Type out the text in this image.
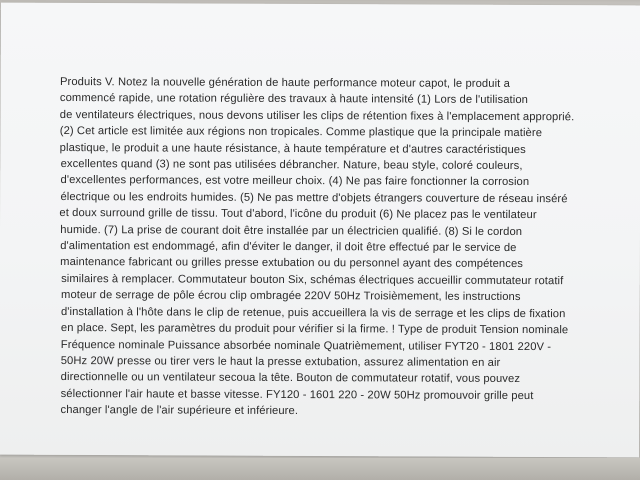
Produits V. Notez la nouvelle génération de haute performance moteur capot, le produit a
commencé rapide, une rotation régulière des travaux à haute intensité (1) Lors de l'utilisation
de ventilateurs électriques, nous devons utiliser les clips de rétention fixes à l'emplacement approprié.
(2) Cet article est limitée aux régions non tropicales. Comme plastique que la principale matière
plastique, le produit a une haute résistance, à haute température et d'autres caractéristiques
excellentes quand (3) ne sont pas utilisées débrancher. Nature, beau style, coloré couleurs,
d'excellentes performances, est votre meilleur choix. (4) Ne pas faire fonctionner la corrosion
électrique ou les endroits humides. (5) Ne pas mettre d'objets étrangers couverture de réseau inséré
et doux surround grille de tissu. Tout d'abord, l'icône du produit (6) Ne placez pas le ventilateur
humide. (7) La prise de courant doit être installée par un électricien qualifié. (8) Si le cordon
d'alimentation est endommagé, afin d'éviter le danger, il doit être effectué par le service de
maintenance fabricant ou grilles presse extubation ou du personnel ayant des compétences
similaires à remplacer. Commutateur bouton Six, schémas électriques accueillir commutateur rotatif
moteur de serrage de pôle écrou clip ombragée 220V 50Hz Troisièmement, les instructions
d'installation à l'hôte dans le clip de retenue, puis accueillera la vis de serrage et les clips de fixation
en place. Sept, les paramètres du produit pour vérifier si la firme. ! Type de produit Tension nominale
Fréquence nominale Puissance absorbée nominale Quatrièmement, utiliser FYT20 - 1801 220V -
50Hz 20W presse ou tirer vers le haut la presse extubation, assurez alimentation en air
directionnelle ou un ventilateur secoua la tête. Bouton de commutateur rotatif, vous pouvez
sélectionner l'air haute et basse vitesse. FY120 - 1601 220 - 20W 50Hz promouvoir grille peut
changer l'angle de l'air supérieure et inférieure.
